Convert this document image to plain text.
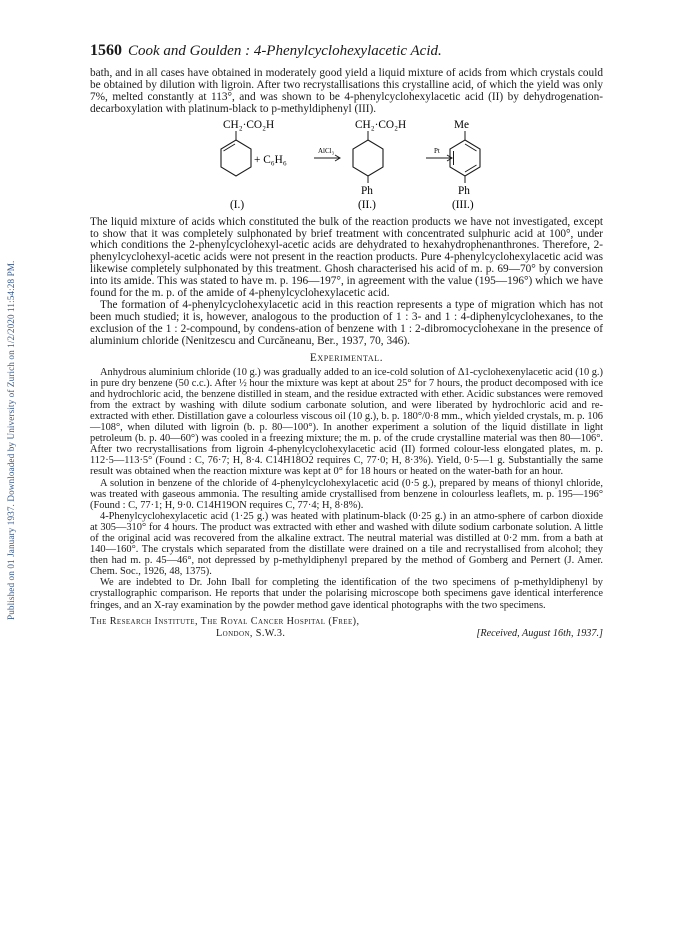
Published on 01 January 1937. Downloaded by University of Zurich on 1/2/2020 11:54:28 PM.
1560 Cook and Goulden : 4-Phenylcyclohexylacetic Acid.

bath, and in all cases have obtained in moderately good yield a liquid mixture of acids from which crystals could be obtained by dilution with ligroin. After two recrystallisations this crystalline acid, of which the yield was only 7%, melted constantly at 113°, and was shown to be 4-phenylcyclohexylacetic acid (II) by dehydrogenation-decarboxylation with platinum-black to p-methyldiphenyl (III).

CH₂·CO₂H
+ C₆H₆
AlCl₃
CH₂·CO₂H
Ph
Pt
Me
Ph
(I.)	(II.)	(III.)

The liquid mixture of acids which constituted the bulk of the reaction products we have not investigated, except to show that it was completely sulphonated by brief treatment with concentrated sulphuric acid at 100°, under which conditions the 2-phenylcyclohexyl-acetic acids are dehydrated to hexahydrophenanthrones. Therefore, 2-phenylcyclohexyl-acetic acids were not present in the reaction products. Pure 4-phenylcyclohexylacetic acid was likewise completely sulphonated by this treatment. Ghosh characterised his acid of m. p. 69—70° by conversion into its amide. This was stated to have m. p. 196—197°, in agreement with the value (195—196°) which we have found for the m. p. of the amide of 4-phenylcyclohexylacetic acid.

The formation of 4-phenylcyclohexylacetic acid in this reaction represents a type of migration which has not been much studied; it is, however, analogous to the production of 1 : 3- and 1 : 4-diphenylcyclohexanes, to the exclusion of the 1 : 2-compound, by condens-ation of benzene with 1 : 2-dibromocyclohexane in the presence of aluminium chloride (Nenitzescu and Curcăneanu, Ber., 1937, 70, 346).

Experimental.

Anhydrous aluminium chloride (10 g.) was gradually added to an ice-cold solution of Δ1-cyclohexenylacetic acid (10 g.) in pure dry benzene (50 c.c.). After ½ hour the mixture was kept at about 25° for 7 hours, the product decomposed with ice and hydrochloric acid, the benzene distilled in steam, and the residue extracted with ether. Acidic substances were removed from the extract by washing with dilute sodium carbonate solution, and were liberated by hydrochloric acid and re-extracted with ether. Distillation gave a colourless viscous oil (10 g.), b. p. 180°/0·8 mm., which yielded crystals, m. p. 106—108°, when diluted with ligroin (b. p. 80—100°). In another experiment a solution of the liquid distillate in light petroleum (b. p. 40—60°) was cooled in a freezing mixture; the m. p. of the crude crystalline material was then 80—106°. After two recrystallisations from ligroin 4-phenylcyclohexylacetic acid (II) formed colour-less elongated plates, m. p. 112·5—113·5° (Found : C, 76·7; H, 8·4. C14H18O2 requires C, 77·0; H, 8·3%). Yield, 0·5—1 g. Substantially the same result was obtained when the reaction mixture was kept at 0° for 18 hours or heated on the water-bath for an hour.

A solution in benzene of the chloride of 4-phenylcyclohexylacetic acid (0·5 g.), prepared by means of thionyl chloride, was treated with gaseous ammonia. The resulting amide crystallised from benzene in colourless leaflets, m. p. 195—196° (Found : C, 77·1; H, 9·0. C14H19ON requires C, 77·4; H, 8·8%).

4-Phenylcyclohexylacetic acid (1·25 g.) was heated with platinum-black (0·25 g.) in an atmo-sphere of carbon dioxide at 305—310° for 4 hours. The product was extracted with ether and washed with dilute sodium carbonate solution. A little of the original acid was recovered from the alkaline extract. The neutral material was distilled at 0·2 mm. from a bath at 140—160°. The crystals which separated from the distillate were drained on a tile and recrystallised from alcohol; they then had m. p. 45—46°, not depressed by p-methyldiphenyl prepared by the method of Gomberg and Pernert (J. Amer. Chem. Soc., 1926, 48, 1375).

We are indebted to Dr. John Iball for completing the identification of the two specimens of p-methyldiphenyl by crystallographic comparison. He reports that under the polarising microscope both specimens gave identical interference fringes, and an X-ray examination by the powder method gave identical photographs with the two specimens.

The Research Institute, The Royal Cancer Hospital (Free),
London, S.W.3.	[Received, August 16th, 1937.]
